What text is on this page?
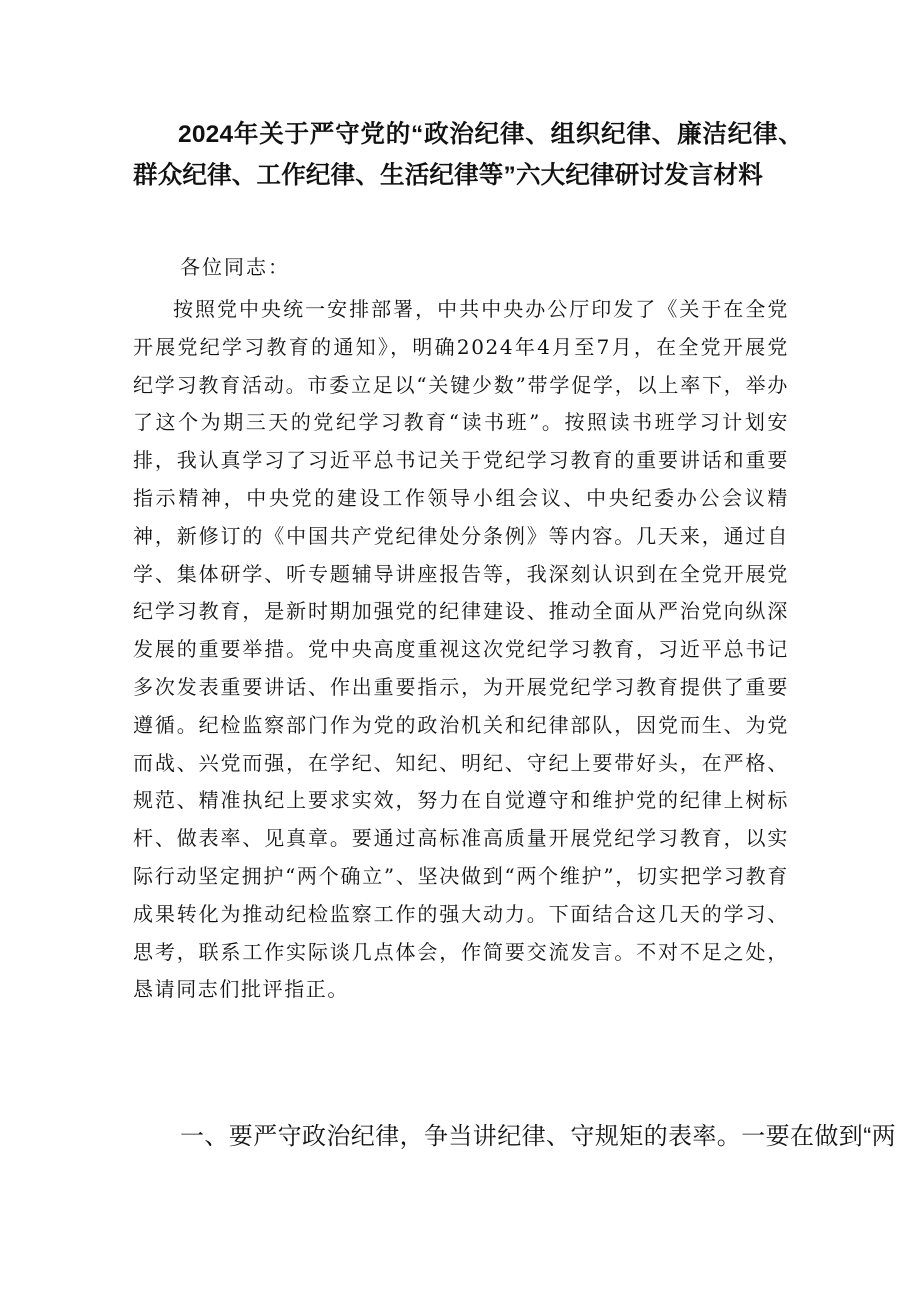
2024年关于严守党的“政治纪律、组织纪律、廉洁纪律、群众纪律、工作纪律、生活纪律等”六大纪律研讨发言材料

各位同志：

按照党中央统一安排部署，中共中央办公厅印发了《关于在全党开展党纪学习教育的通知》，明确2024年4月至7月，在全党开展党纪学习教育活动。市委立足以“关键少数”带学促学，以上率下，举办了这个为期三天的党纪学习教育“读书班”。按照读书班学习计划安排，我认真学习了习近平总书记关于党纪学习教育的重要讲话和重要指示精神，中央党的建设工作领导小组会议、中央纪委办公会议精神，新修订的《中国共产党纪律处分条例》等内容。几天来，通过自学、集体研学、听专题辅导讲座报告等，我深刻认识到在全党开展党纪学习教育，是新时期加强党的纪律建设、推动全面从严治党向纵深发展的重要举措。党中央高度重视这次党纪学习教育，习近平总书记多次发表重要讲话、作出重要指示，为开展党纪学习教育提供了重要遵循。纪检监察部门作为党的政治机关和纪律部队，因党而生、为党而战、兴党而强，在学纪、知纪、明纪、守纪上要带好头，在严格、规范、精准执纪上要求实效，努力在自觉遵守和维护党的纪律上树标杆、做表率、见真章。要通过高标准高质量开展党纪学习教育，以实际行动坚定拥护“两个确立”、坚决做到“两个维护”，切实把学习教育成果转化为推动纪检监察工作的强大动力。下面结合这几天的学习、思考，联系工作实际谈几点体会，作简要交流发言。不对不足之处，恳请同志们批评指正。

一、要严守政治纪律，争当讲纪律、守规矩的表率。一要在做到“两
